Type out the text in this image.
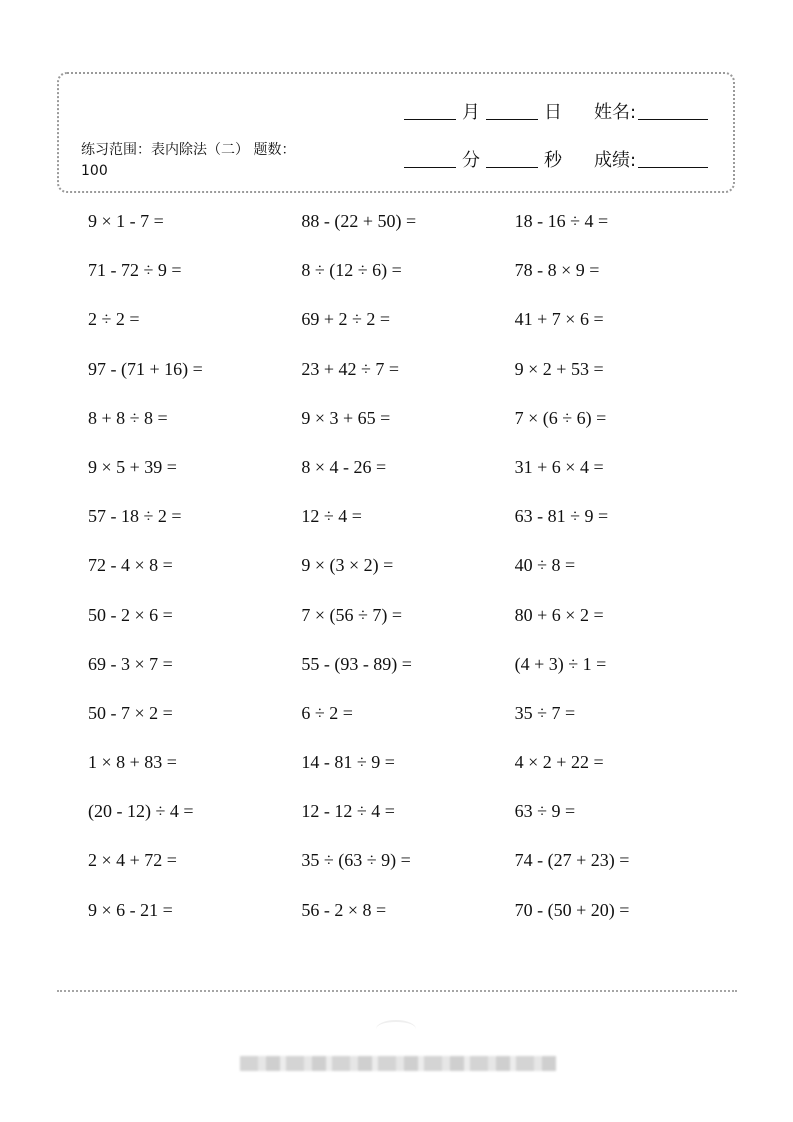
练习范围：表内除法（二） 题数：100
月	日 姓名:
分	秒 成绩:
9 × 1 - 7 =	88 - (22 + 50) =	18 - 16 ÷ 4 =
71 - 72 ÷ 9 =	8 ÷ (12 ÷ 6) =	78 - 8 × 9 =
2 ÷ 2 =	69 + 2 ÷ 2 =	41 + 7 × 6 =
97 - (71 + 16) =	23 + 42 ÷ 7 =	9 × 2 + 53 =
8 + 8 ÷ 8 =	9 × 3 + 65 =	7 × (6 ÷ 6) =
9 × 5 + 39 =	8 × 4 - 26 =	31 + 6 × 4 =
57 - 18 ÷ 2 =	12 ÷ 4 =	63 - 81 ÷ 9 =
72 - 4 × 8 =	9 × (3 × 2) =	40 ÷ 8 =
50 - 2 × 6 =	7 × (56 ÷ 7) =	80 + 6 × 2 =
69 - 3 × 7 =	55 - (93 - 89) =	(4 + 3) ÷ 1 =
50 - 7 × 2 =	6 ÷ 2 =	35 ÷ 7 =
1 × 8 + 83 =	14 - 81 ÷ 9 =	4 × 2 + 22 =
(20 - 12) ÷ 4 =	12 - 12 ÷ 4 =	63 ÷ 9 =
2 × 4 + 72 =	35 ÷ (63 ÷ 9) =	74 - (27 + 23) =
9 × 6 - 21 =	56 - 2 × 8 =	70 - (50 + 20) =
